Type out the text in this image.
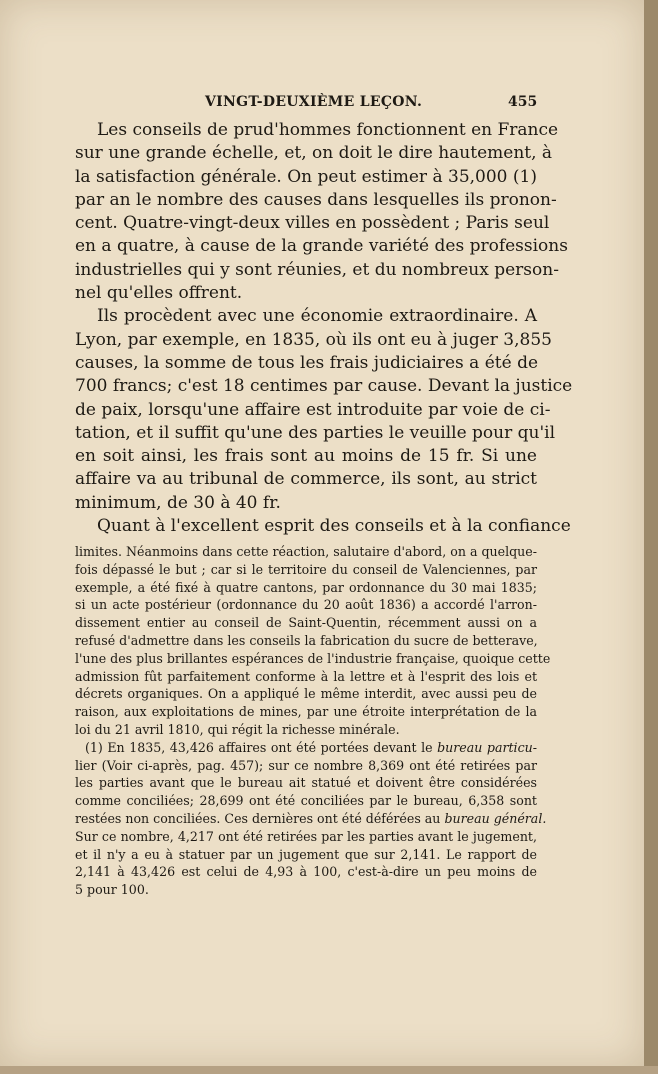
VINGT-DEUXIÈME LEÇON.	455
Les conseils de prud'hommes fonctionnent en France
sur une grande échelle, et, on doit le dire hautement, à
la satisfaction générale. On peut estimer à 35,000 (1)
par an le nombre des causes dans lesquelles ils pronon-
cent. Quatre-vingt-deux villes en possèdent ; Paris seul
en a quatre, à cause de la grande variété des professions
industrielles qui y sont réunies, et du nombreux person-
nel qu'elles offrent.
Ils procèdent avec une économie extraordinaire. A
Lyon, par exemple, en 1835, où ils ont eu à juger 3,855
causes, la somme de tous les frais judiciaires a été de
700 francs; c'est 18 centimes par cause. Devant la justice
de paix, lorsqu'une affaire est introduite par voie de ci-
tation, et il suffit qu'une des parties le veuille pour qu'il
en soit ainsi, les frais sont au moins de 15 fr. Si une
affaire va au tribunal de commerce, ils sont, au strict
minimum, de 30 à 40 fr.
Quant à l'excellent esprit des conseils et à la confiance
limites. Néanmoins dans cette réaction, salutaire d'abord, on a quelque-
fois dépassé le but ; car si le territoire du conseil de Valenciennes, par
exemple, a été fixé à quatre cantons, par ordonnance du 30 mai 1835;
si un acte postérieur (ordonnance du 20 août 1836) a accordé l'arron-
dissement entier au conseil de Saint-Quentin, récemment aussi on a
refusé d'admettre dans les conseils la fabrication du sucre de betterave,
l'une des plus brillantes espérances de l'industrie française, quoique cette
admission fût parfaitement conforme à la lettre et à l'esprit des lois et
décrets organiques. On a appliqué le même interdit, avec aussi peu de
raison, aux exploitations de mines, par une étroite interprétation de la
loi du 21 avril 1810, qui régit la richesse minérale.
(1) En 1835, 43,426 affaires ont été portées devant le bureau particu-
lier (Voir ci-après, pag. 457); sur ce nombre 8,369 ont été retirées par
les parties avant que le bureau ait statué et doivent être considérées
comme conciliées; 28,699 ont été conciliées par le bureau, 6,358 sont
restées non conciliées. Ces dernières ont été déférées au bureau général.
Sur ce nombre, 4,217 ont été retirées par les parties avant le jugement,
et il n'y a eu à statuer par un jugement que sur 2,141. Le rapport de
2,141 à 43,426 est celui de 4,93 à 100, c'est-à-dire un peu moins de
5 pour 100.
